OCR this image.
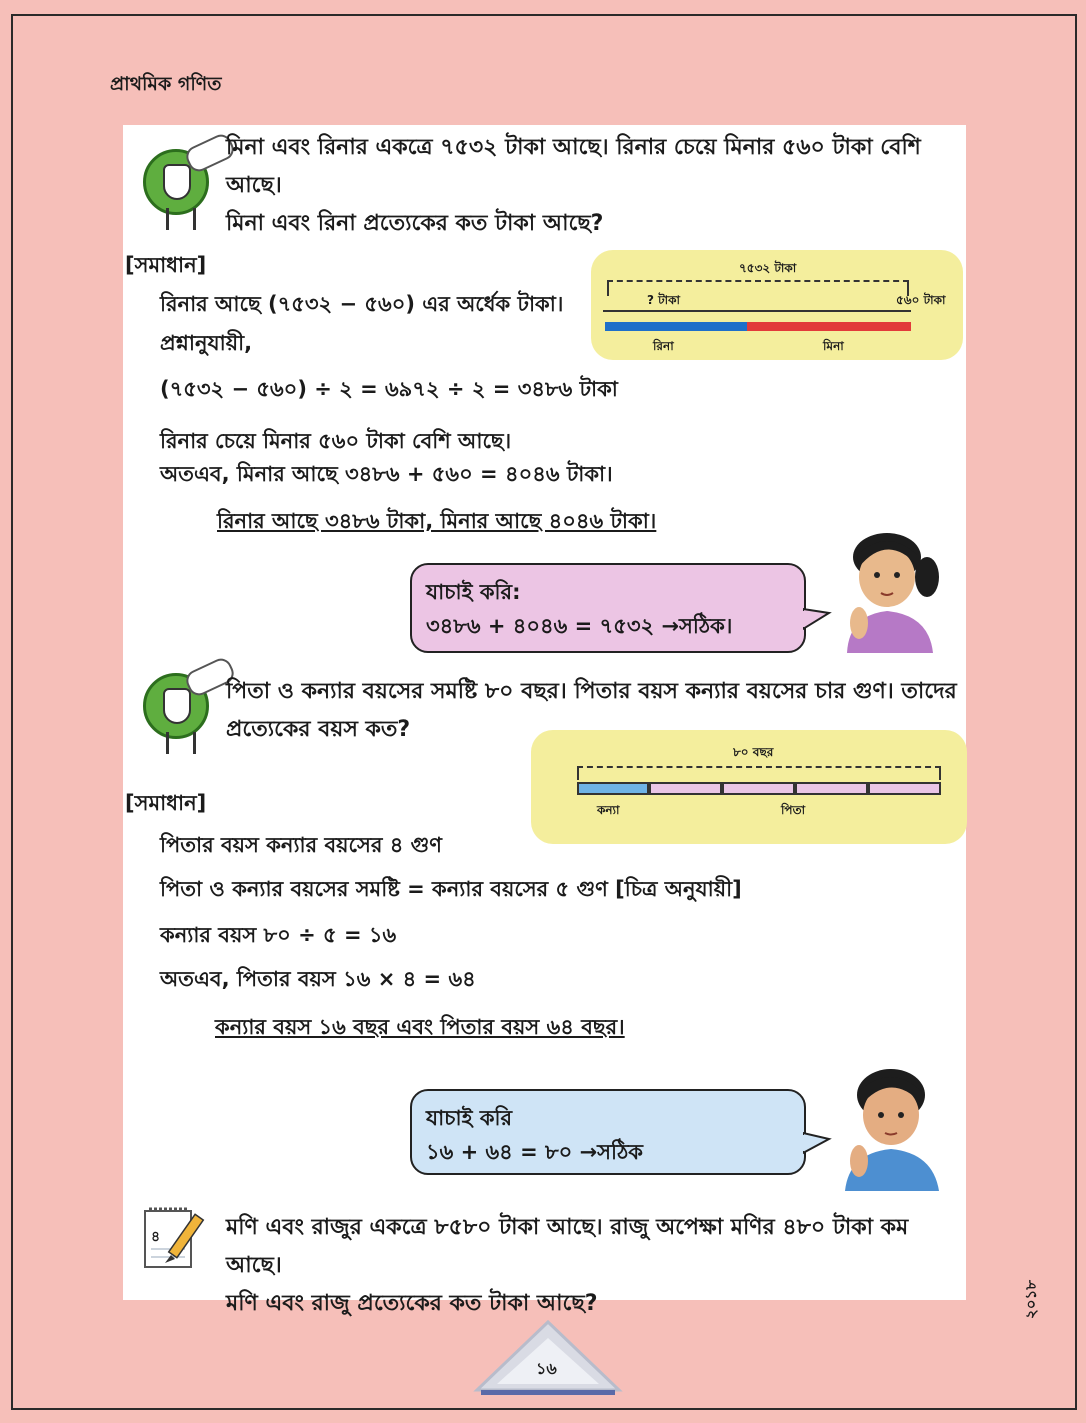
প্রাথমিক গণিত
মিনা এবং রিনার একত্রে ৭৫৩২ টাকা আছে। রিনার চেয়ে মিনার ৫৬০ টাকা বেশি আছে।
মিনা এবং রিনা প্রত্যেকের কত টাকা আছে?
[সমাধান]
রিনার আছে (৭৫৩২ − ৫৬০) এর অর্ধেক টাকা।
প্রশ্নানুযায়ী,
(৭৫৩২ − ৫৬০) ÷ ২ = ৬৯৭২ ÷ ২ = ৩৪৮৬ টাকা
রিনার চেয়ে মিনার ৫৬০ টাকা বেশি আছে।
অতএব, মিনার আছে ৩৪৮৬ + ৫৬০ = ৪০৪৬ টাকা।
রিনার আছে ৩৪৮৬ টাকা, মিনার আছে ৪০৪৬ টাকা।
৭৫৩২ টাকা
? টাকা	৫৬০ টাকা
রিনা	মিনা
যাচাই করি:
৩৪৮৬ + ৪০৪৬ = ৭৫৩২ →সঠিক।
পিতা ও কন্যার বয়সের সমষ্টি ৮০ বছর। পিতার বয়স কন্যার বয়সের চার গুণ। তাদের
প্রত্যেকের বয়স কত?
৮০ বছর
কন্যা	পিতা
[সমাধান]
পিতার বয়স কন্যার বয়সের ৪ গুণ
পিতা ও কন্যার বয়সের সমষ্টি = কন্যার বয়সের ৫ গুণ [চিত্র অনুযায়ী]
কন্যার বয়স ৮০ ÷ ৫ = ১৬
অতএব, পিতার বয়স ১৬ × ৪ = ৬৪
কন্যার বয়স ১৬ বছর এবং পিতার বয়স ৬৪ বছর।
যাচাই করি
১৬ + ৬৪ = ৮০ →সঠিক
৪	মণি এবং রাজুর একত্রে ৮৫৮০ টাকা আছে। রাজু অপেক্ষা মণির ৪৮০ টাকা কম আছে।
মণি এবং রাজু প্রত্যেকের কত টাকা আছে?
১৬
২০১৮
